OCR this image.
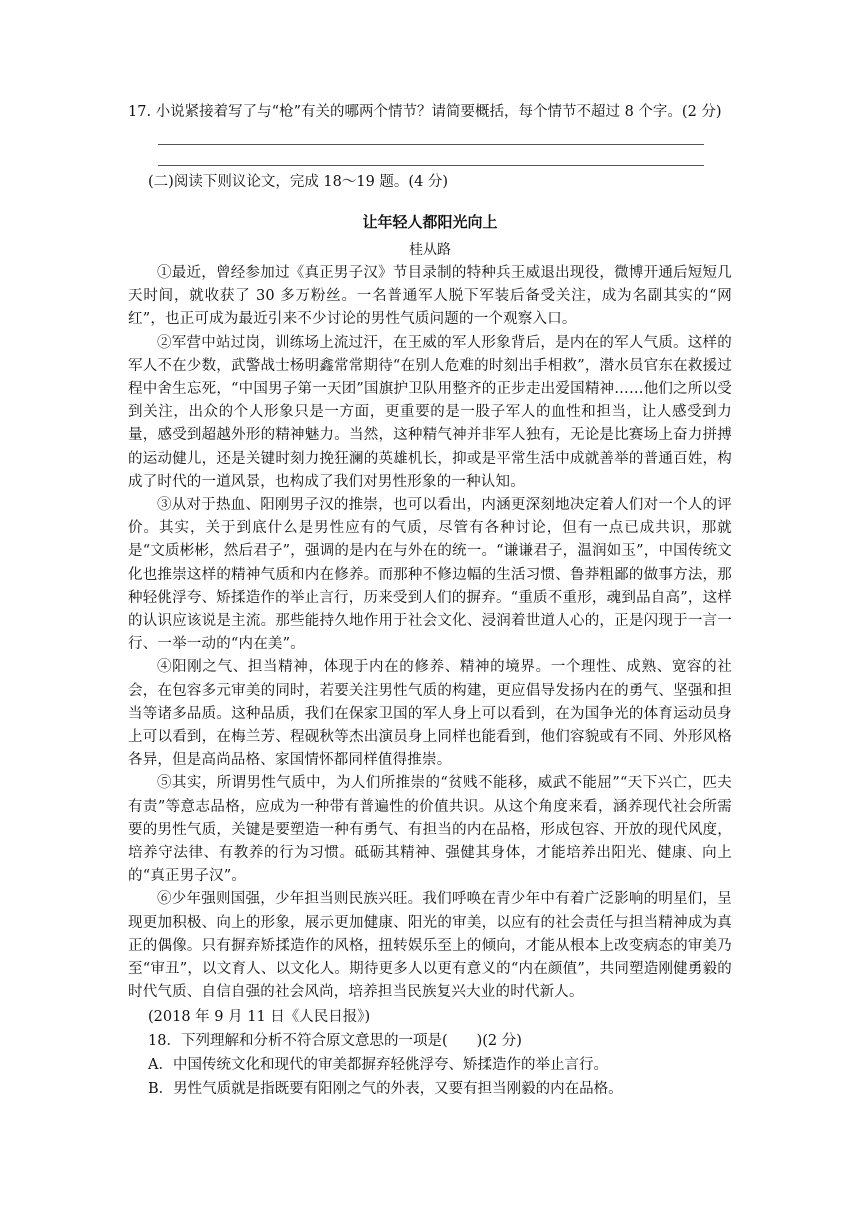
17. 小说紧接着写了与“枪”有关的哪两个情节？请简要概括，每个情节不超过 8 个字。(2 分)

(二)阅读下则议论文，完成 18～19 题。(4 分)

让年轻人都阳光向上
桂从路

①最近，曾经参加过《真正男子汉》节目录制的特种兵王威退出现役，微博开通后短短几天时间，就收获了 30 多万粉丝。一名普通军人脱下军装后备受关注，成为名副其实的“网红”，也正可成为最近引来不少讨论的男性气质问题的一个观察入口。

②军营中站过岗，训练场上流过汗，在王威的军人形象背后，是内在的军人气质。这样的军人不在少数，武警战士杨明鑫常常期待“在别人危难的时刻出手相救”，潜水员官东在救援过程中舍生忘死，“中国男子第一天团”国旗护卫队用整齐的正步走出爱国精神……他们之所以受到关注，出众的个人形象只是一方面，更重要的是一股子军人的血性和担当，让人感受到力量，感受到超越外形的精神魅力。当然，这种精气神并非军人独有，无论是比赛场上奋力拼搏的运动健儿，还是关键时刻力挽狂澜的英雄机长，抑或是平常生活中成就善举的普通百姓，构成了时代的一道风景，也构成了我们对男性形象的一种认知。

③从对于热血、阳刚男子汉的推崇，也可以看出，内涵更深刻地决定着人们对一个人的评价。其实，关于到底什么是男性应有的气质，尽管有各种讨论，但有一点已成共识，那就是“文质彬彬，然后君子”，强调的是内在与外在的统一。“谦谦君子，温润如玉”，中国传统文化也推崇这样的精神气质和内在修养。而那种不修边幅的生活习惯、鲁莽粗鄙的做事方法，那种轻佻浮夸、矫揉造作的举止言行，历来受到人们的摒弃。“重质不重形，魂到品自高”，这样的认识应该说是主流。那些能持久地作用于社会文化、浸润着世道人心的，正是闪现于一言一行、一举一动的“内在美”。

④阳刚之气、担当精神，体现于内在的修养、精神的境界。一个理性、成熟、宽容的社会，在包容多元审美的同时，若要关注男性气质的构建，更应倡导发扬内在的勇气、坚强和担当等诸多品质。这种品质，我们在保家卫国的军人身上可以看到，在为国争光的体育运动员身上可以看到，在梅兰芳、程砚秋等杰出演员身上同样也能看到，他们容貌或有不同、外形风格各异，但是高尚品格、家国情怀都同样值得推崇。

⑤其实，所谓男性气质中，为人们所推崇的“贫贱不能移，威武不能屈”“天下兴亡，匹夫有责”等意志品格，应成为一种带有普遍性的价值共识。从这个角度来看，涵养现代社会所需要的男性气质，关键是要塑造一种有勇气、有担当的内在品格，形成包容、开放的现代风度，培养守法律、有教养的行为习惯。砥砺其精神、强健其身体，才能培养出阳光、健康、向上的“真正男子汉”。

⑥少年强则国强，少年担当则民族兴旺。我们呼唤在青少年中有着广泛影响的明星们，呈现更加积极、向上的形象，展示更加健康、阳光的审美，以应有的社会责任与担当精神成为真正的偶像。只有摒弃矫揉造作的风格，扭转娱乐至上的倾向，才能从根本上改变病态的审美乃至“审丑”，以文育人、以文化人。期待更多人以更有意义的“内在颜值”，共同塑造刚健勇毅的时代气质、自信自强的社会风尚，培养担当民族复兴大业的时代新人。

(2018 年 9 月 11 日《人民日报》)

18．下列理解和分析不符合原文意思的一项是(　　)(2 分)

A．中国传统文化和现代的审美都摒弃轻佻浮夸、矫揉造作的举止言行。

B．男性气质就是指既要有阳刚之气的外表，又要有担当刚毅的内在品格。
